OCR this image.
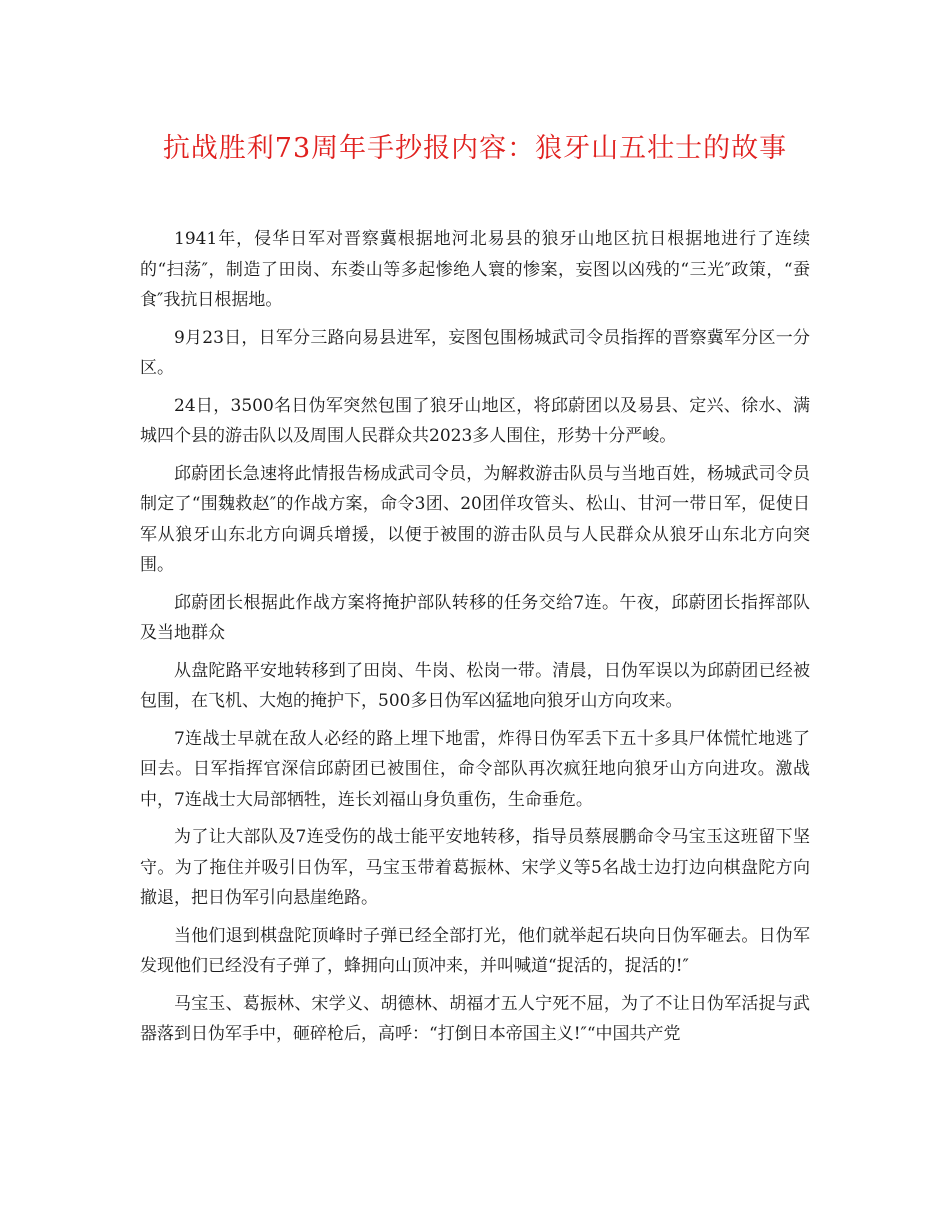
抗战胜利73周年手抄报内容：狼牙山五壮士的故事

1941年，侵华日军对晋察冀根据地河北易县的狼牙山地区抗日根据地进行了连续的“扫荡″，制造了田岗、东娄山等多起惨绝人寰的惨案，妄图以凶残的“三光″政策，“蚕食″我抗日根据地。

9月23日，日军分三路向易县进军，妄图包围杨城武司令员指挥的晋察冀军分区一分区。

24日，3500名日伪军突然包围了狼牙山地区，将邱蔚团以及易县、定兴、徐水、满城四个县的游击队以及周围人民群众共2023多人围住，形势十分严峻。

邱蔚团长急速将此情报告杨成武司令员，为解救游击队员与当地百姓，杨城武司令员制定了“围魏救赵″的作战方案，命令3团、20团佯攻管头、松山、甘河一带日军，促使日军从狼牙山东北方向调兵增援，以便于被围的游击队员与人民群众从狼牙山东北方向突围。

邱蔚团长根据此作战方案将掩护部队转移的任务交给7连。午夜，邱蔚团长指挥部队及当地群众

从盘陀路平安地转移到了田岗、牛岗、松岗一带。清晨，日伪军误以为邱蔚团已经被包围，在飞机、大炮的掩护下，500多日伪军凶猛地向狼牙山方向攻来。

7连战士早就在敌人必经的路上埋下地雷，炸得日伪军丢下五十多具尸体慌忙地逃了回去。日军指挥官深信邱蔚团已被围住，命令部队再次疯狂地向狼牙山方向进攻。激战中，7连战士大局部牺牲，连长刘福山身负重伤，生命垂危。

为了让大部队及7连受伤的战士能平安地转移，指导员蔡展鹏命令马宝玉这班留下坚守。为了拖住并吸引日伪军，马宝玉带着葛振林、宋学义等5名战士边打边向棋盘陀方向撤退，把日伪军引向悬崖绝路。

当他们退到棋盘陀顶峰时子弹已经全部打光，他们就举起石块向日伪军砸去。日伪军发现他们已经没有子弹了，蜂拥向山顶冲来，并叫喊道“捉活的，捉活的!″

马宝玉、葛振林、宋学义、胡德林、胡福才五人宁死不屈，为了不让日伪军活捉与武器落到日伪军手中，砸碎枪后，高呼：“打倒日本帝国主义!″“中国共产党
